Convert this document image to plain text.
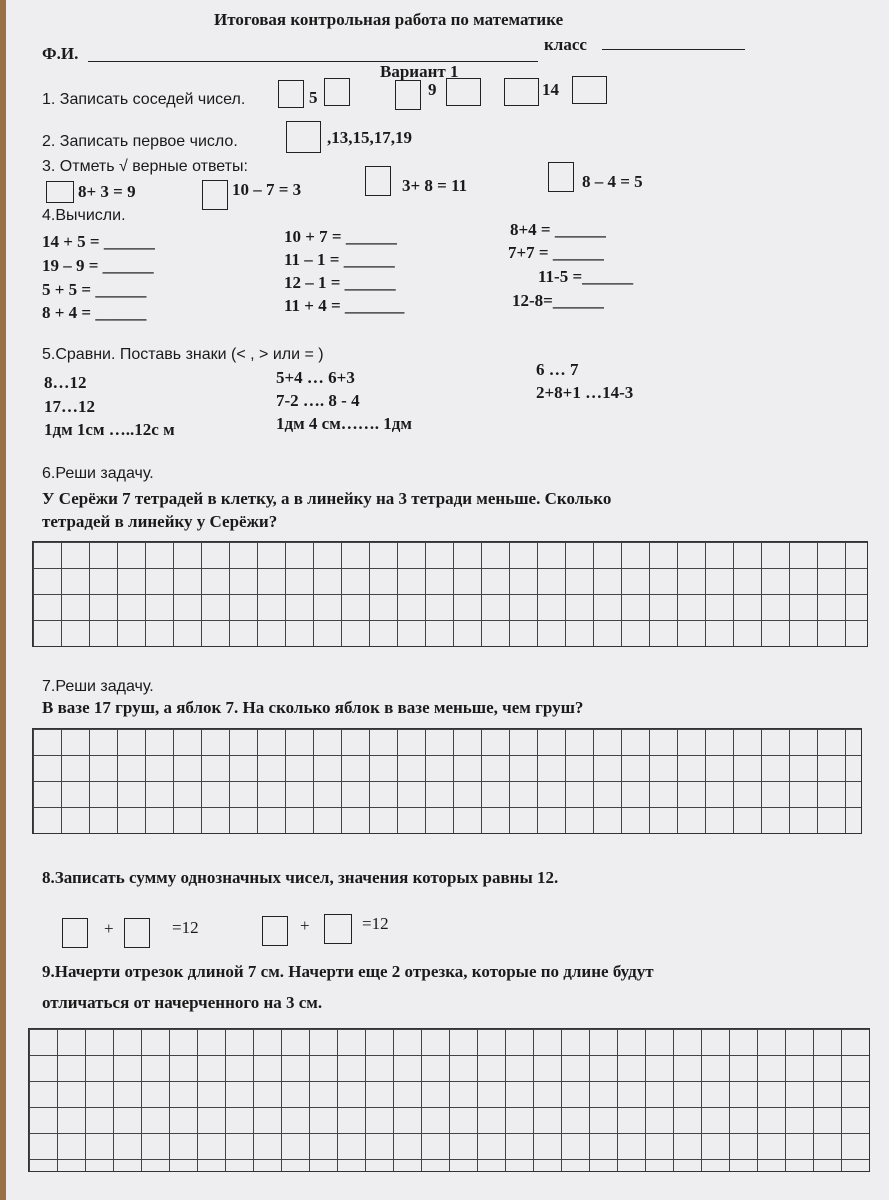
Итоговая контрольная работа по математике
Ф.И.	класс
Вариант 1
1. Записать соседей чисел.	5	9	14
2. Записать первое число.	,13,15,17,19
3. Отметь √ верные ответы:
8+ 3 = 9	10 – 7 = 3	3+ 8 = 11	8 – 4 = 5
4.Вычисли.
14 + 5 = ______
19 – 9 = ______
5 + 5 = ______
8 + 4 = ______
10 + 7 = ______
11 – 1 = ______
12 – 1 = ______
11 + 4 = _______
8+4 = ______
7+7 = ______
11-5 =______
12-8=______
5.Сравни. Поставь знаки (< , > или = )
8…12
17…12
1дм 1см …..12с м
5+4 … 6+3
7-2 …. 8 - 4
1дм 4 см……. 1дм
6 … 7
2+8+1 …14-3
6.Реши задачу.
У Серёжи 7 тетрадей в клетку, а в линейку на 3 тетради меньше. Сколько
тетрадей в линейку у Серёжи?
7.Реши задачу.
В вазе 17 груш, а яблок 7. На сколько яблок в вазе меньше, чем груш?
8.Записать сумму однозначных чисел, значения которых равны 12.
+	=12	+	=12
9.Начерти отрезок длиной 7 см. Начерти еще 2 отрезка, которые по длине будут
отличаться от начерченного на 3 см.
